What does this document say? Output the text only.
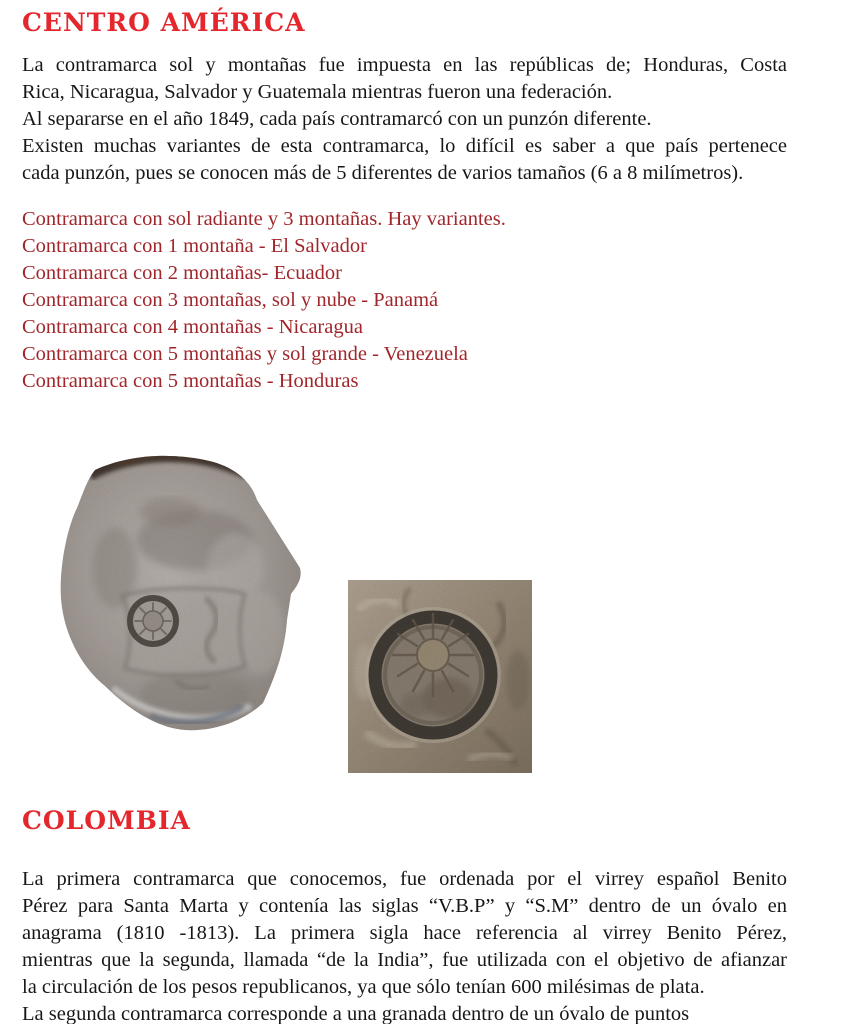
CENTRO AMÉRICA
La contramarca sol y montañas fue impuesta en las repúblicas de; Honduras, Costa
Rica, Nicaragua, Salvador y Guatemala mientras fueron una federación.
Al separarse en el año 1849, cada país contramarcó con un punzón diferente.
Existen muchas variantes de esta contramarca, lo difícil es saber a que país pertenece
cada punzón, pues se conocen más de 5 diferentes de varios tamaños (6 a 8 milímetros).
Contramarca con sol radiante y 3 montañas. Hay variantes.
Contramarca con 1 montaña - El Salvador
Contramarca con 2 montañas- Ecuador
Contramarca con 3 montañas, sol y nube - Panamá
Contramarca con 4 montañas - Nicaragua
Contramarca con 5 montañas y sol grande - Venezuela
Contramarca con 5 montañas - Honduras
COLOMBIA
La primera contramarca que conocemos, fue ordenada por el virrey español Benito
Pérez para Santa Marta y contenía las siglas “V.B.P” y “S.M” dentro de un óvalo en
anagrama (1810 -1813). La primera sigla hace referencia al virrey Benito Pérez,
mientras que la segunda, llamada “de la India”, fue utilizada con el objetivo de afianzar
la circulación de los pesos republicanos, ya que sólo tenían 600 milésimas de plata.
La segunda contramarca corresponde a una granada dentro de un óvalo de puntos
